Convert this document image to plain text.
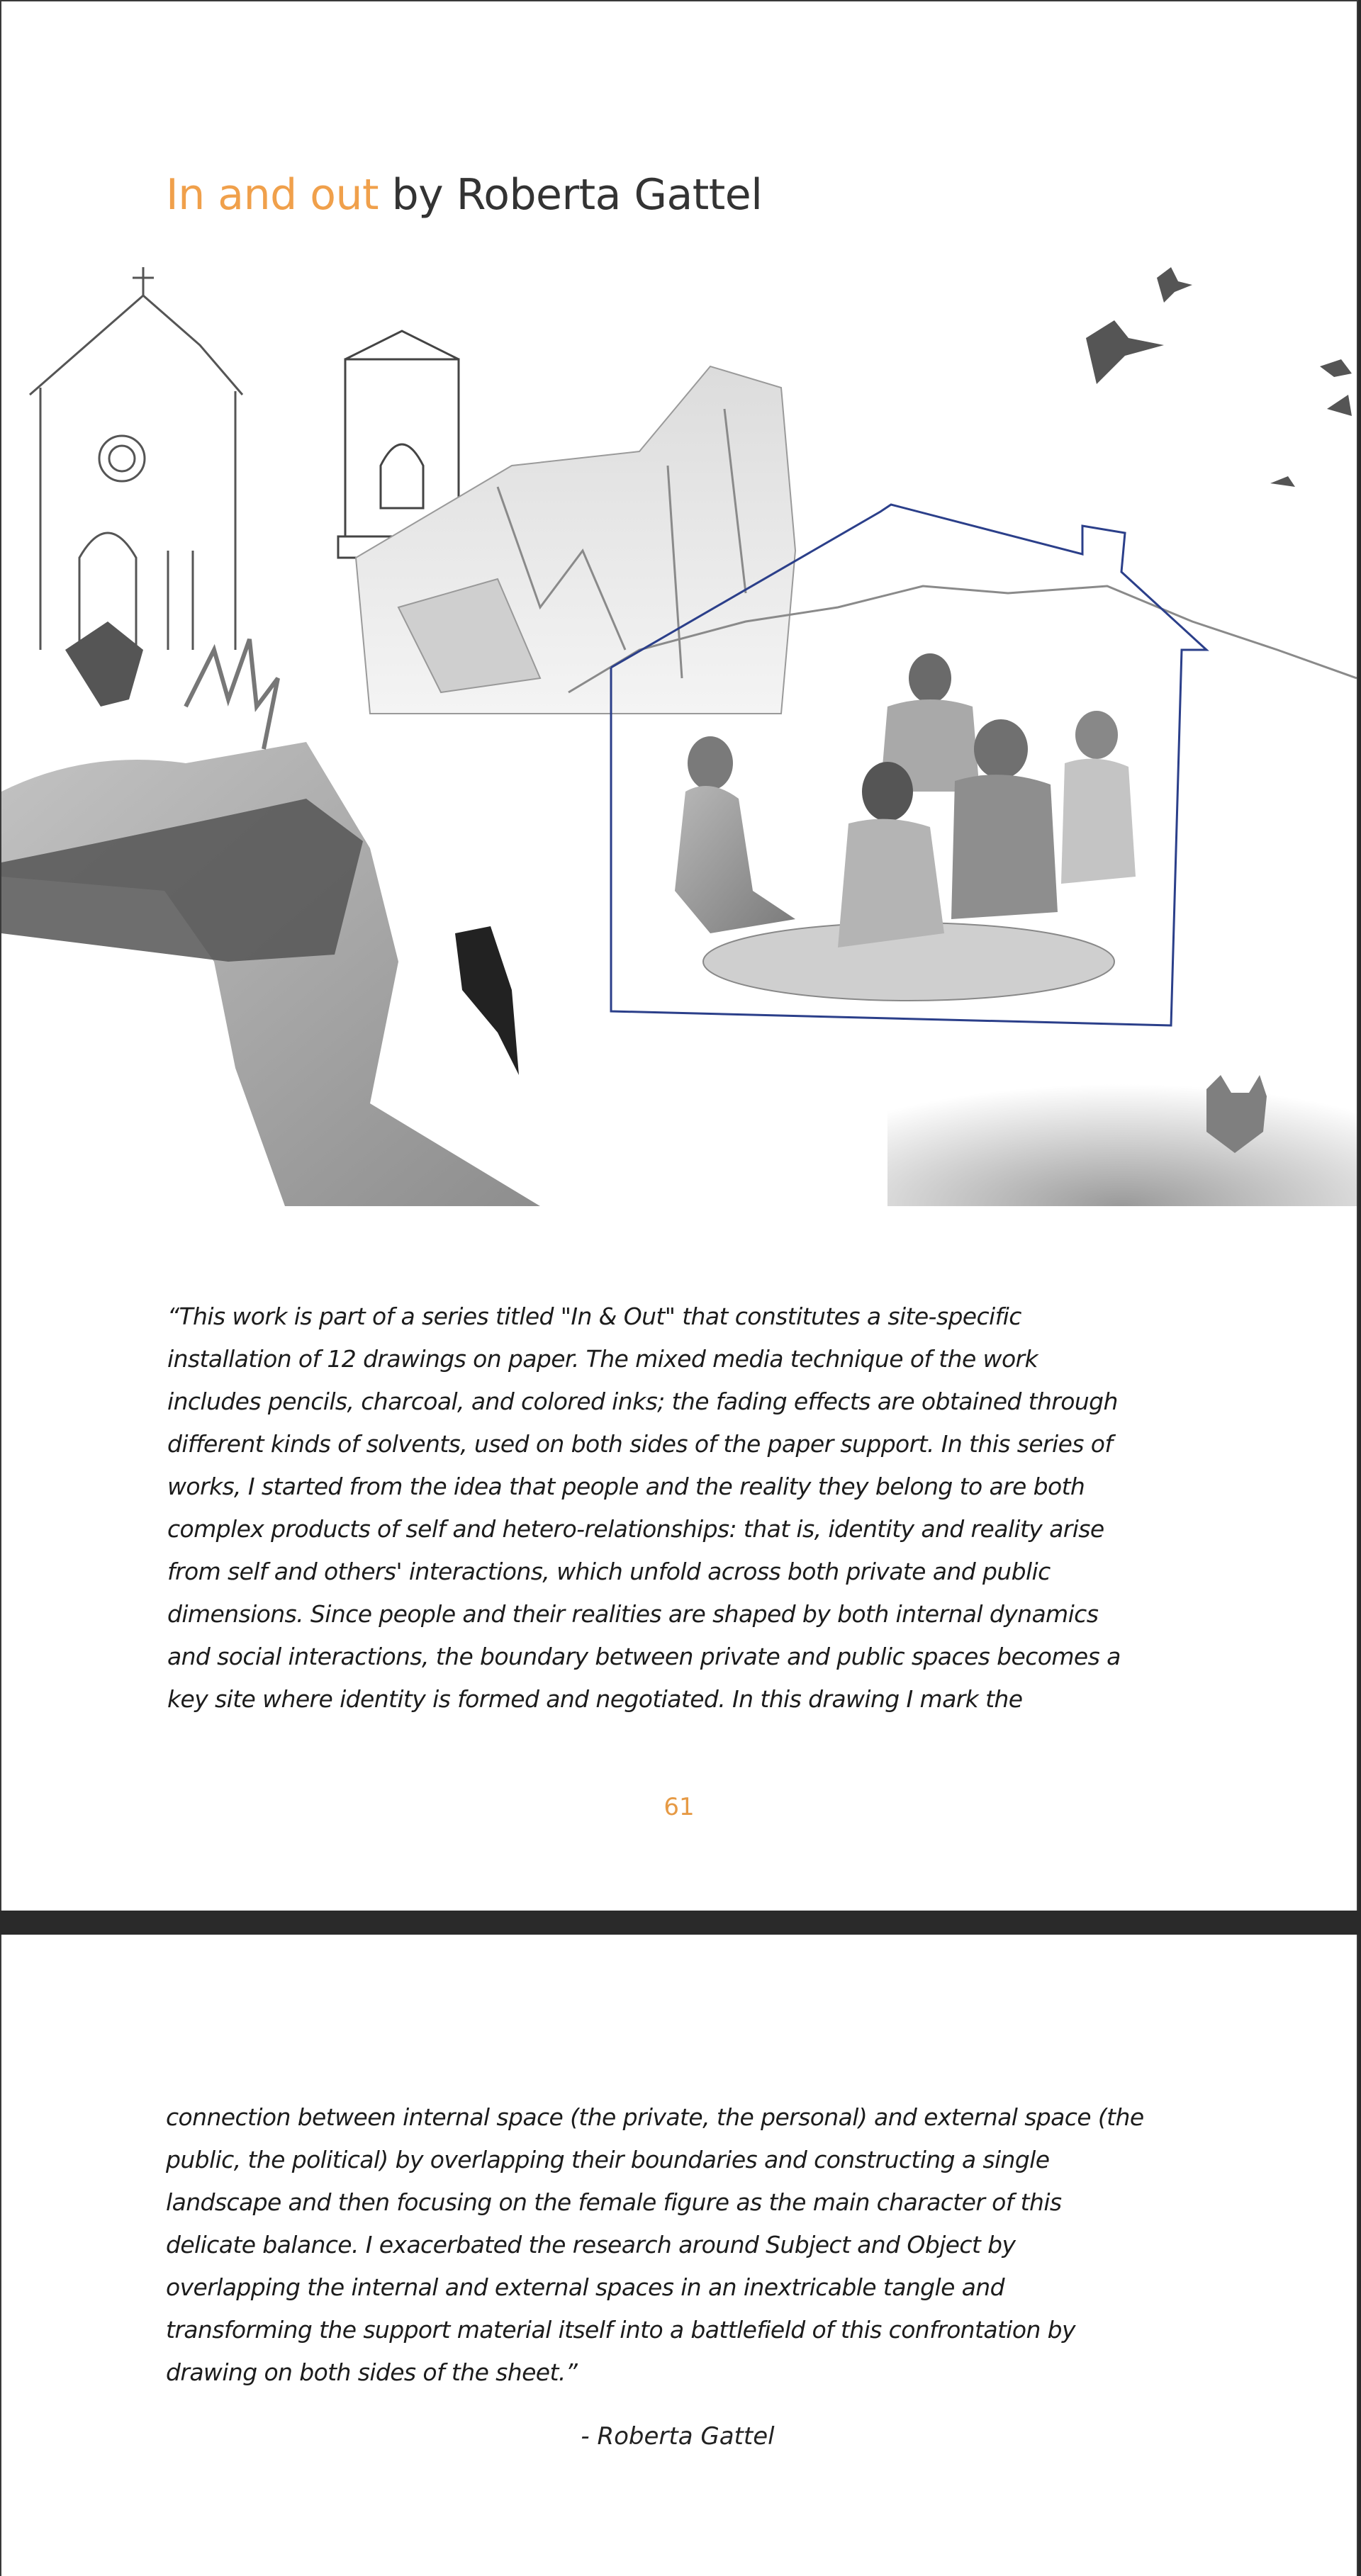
In and out by Roberta Gattel

“This work is part of a series titled "In & Out" that constitutes a site-specific
installation of 12 drawings on paper. The mixed media technique of the work
includes pencils, charcoal, and colored inks; the fading effects are obtained through
different kinds of solvents, used on both sides of the paper support. In this series of
works, I started from the idea that people and the reality they belong to are both
complex products of self and hetero-relationships: that is, identity and reality arise
from self and others' interactions, which unfold across both private and public
dimensions. Since people and their realities are shaped by both internal dynamics
and social interactions, the boundary between private and public spaces becomes a
key site where identity is formed and negotiated. In this drawing I mark the

61

connection between internal space (the private, the personal) and external space (the
public, the political) by overlapping their boundaries and constructing a single
landscape and then focusing on the female figure as the main character of this
delicate balance. I exacerbated the research around Subject and Object by
overlapping the internal and external spaces in an inextricable tangle and
transforming the support material itself into a battlefield of this confrontation by
drawing on both sides of the sheet.”

- Roberta Gattel
